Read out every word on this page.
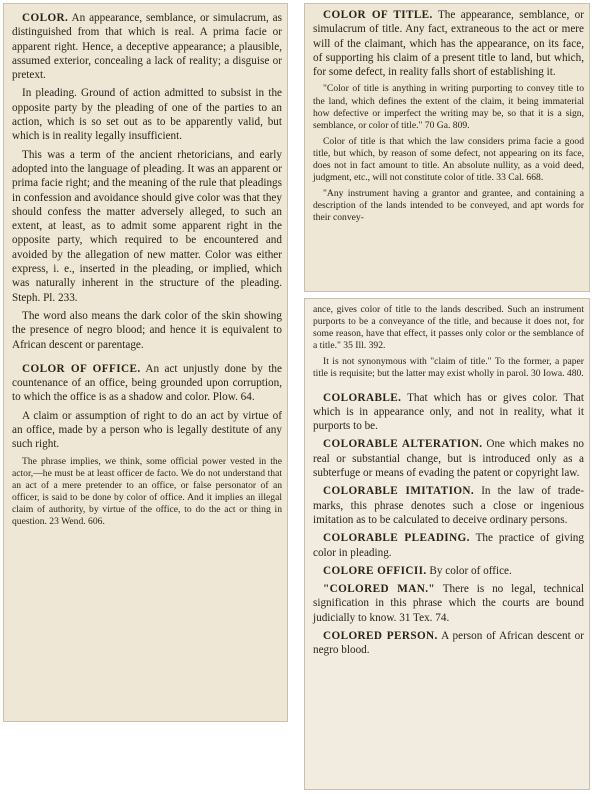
COLOR. An appearance, semblance, or simulacrum, as distinguished from that which is real. A prima facie or apparent right. Hence, a deceptive appearance; a plausible, assumed exterior, concealing a lack of reality; a disguise or pretext.

In pleading. Ground of action admitted to subsist in the opposite party by the pleading of one of the parties to an action, which is so set out as to be apparently valid, but which is in reality legally insufficient.

This was a term of the ancient rhetoricians, and early adopted into the language of pleading. It was an apparent or prima facie right; and the meaning of the rule that pleadings in confession and avoidance should give color was that they should confess the matter adversely alleged, to such an extent, at least, as to admit some apparent right in the opposite party, which required to be encountered and avoided by the allegation of new matter. Color was either express, i. e., inserted in the pleading, or implied, which was naturally inherent in the structure of the pleading. Steph. Pl. 233.

The word also means the dark color of the skin showing the presence of negro blood; and hence it is equivalent to African descent or parentage.

COLOR OF OFFICE. An act unjustly done by the countenance of an office, being grounded upon corruption, to which the office is as a shadow and color. Plow. 64.

A claim or assumption of right to do an act by virtue of an office, made by a person who is legally destitute of any such right.

The phrase implies, we think, some official power vested in the actor,—he must be at least officer de facto. We do not understand that an act of a mere pretender to an office, or false personator of an officer, is said to be done by color of office. And it implies an illegal claim of authority, by virtue of the office, to do the act or thing in question. 23 Wend. 606.

COLOR OF TITLE. The appearance, semblance, or simulacrum of title. Any fact, extraneous to the act or mere will of the claimant, which has the appearance, on its face, of supporting his claim of a present title to land, but which, for some defect, in reality falls short of establishing it.

"Color of title is anything in writing purporting to convey title to the land, which defines the extent of the claim, it being immaterial how defective or imperfect the writing may be, so that it is a sign, semblance, or color of title." 70 Ga. 809.

Color of title is that which the law considers prima facie a good title, but which, by reason of some defect, not appearing on its face, does not in fact amount to title. An absolute nullity, as a void deed, judgment, etc., will not constitute color of title. 33 Cal. 668.

"Any instrument having a grantor and grantee, and containing a description of the lands intended to be conveyed, and apt words for their convey-

ance, gives color of title to the lands described. Such an instrument purports to be a conveyance of the title, and because it does not, for some reason, have that effect, it passes only color or the semblance of a title." 35 Ill. 392.

It is not synonymous with "claim of title." To the former, a paper title is requisite; but the latter may exist wholly in parol. 30 Iowa. 480.

COLORABLE. That which has or gives color. That which is in appearance only, and not in reality, what it purports to be.

COLORABLE ALTERATION. One which makes no real or substantial change, but is introduced only as a subterfuge or means of evading the patent or copyright law.

COLORABLE IMITATION. In the law of trade-marks, this phrase denotes such a close or ingenious imitation as to be calculated to deceive ordinary persons.

COLORABLE PLEADING. The practice of giving color in pleading.

COLORE OFFICII. By color of office.

"COLORED MAN." There is no legal, technical signification in this phrase which the courts are bound judicially to know. 31 Tex. 74.

COLORED PERSON. A person of African descent or negro blood.
